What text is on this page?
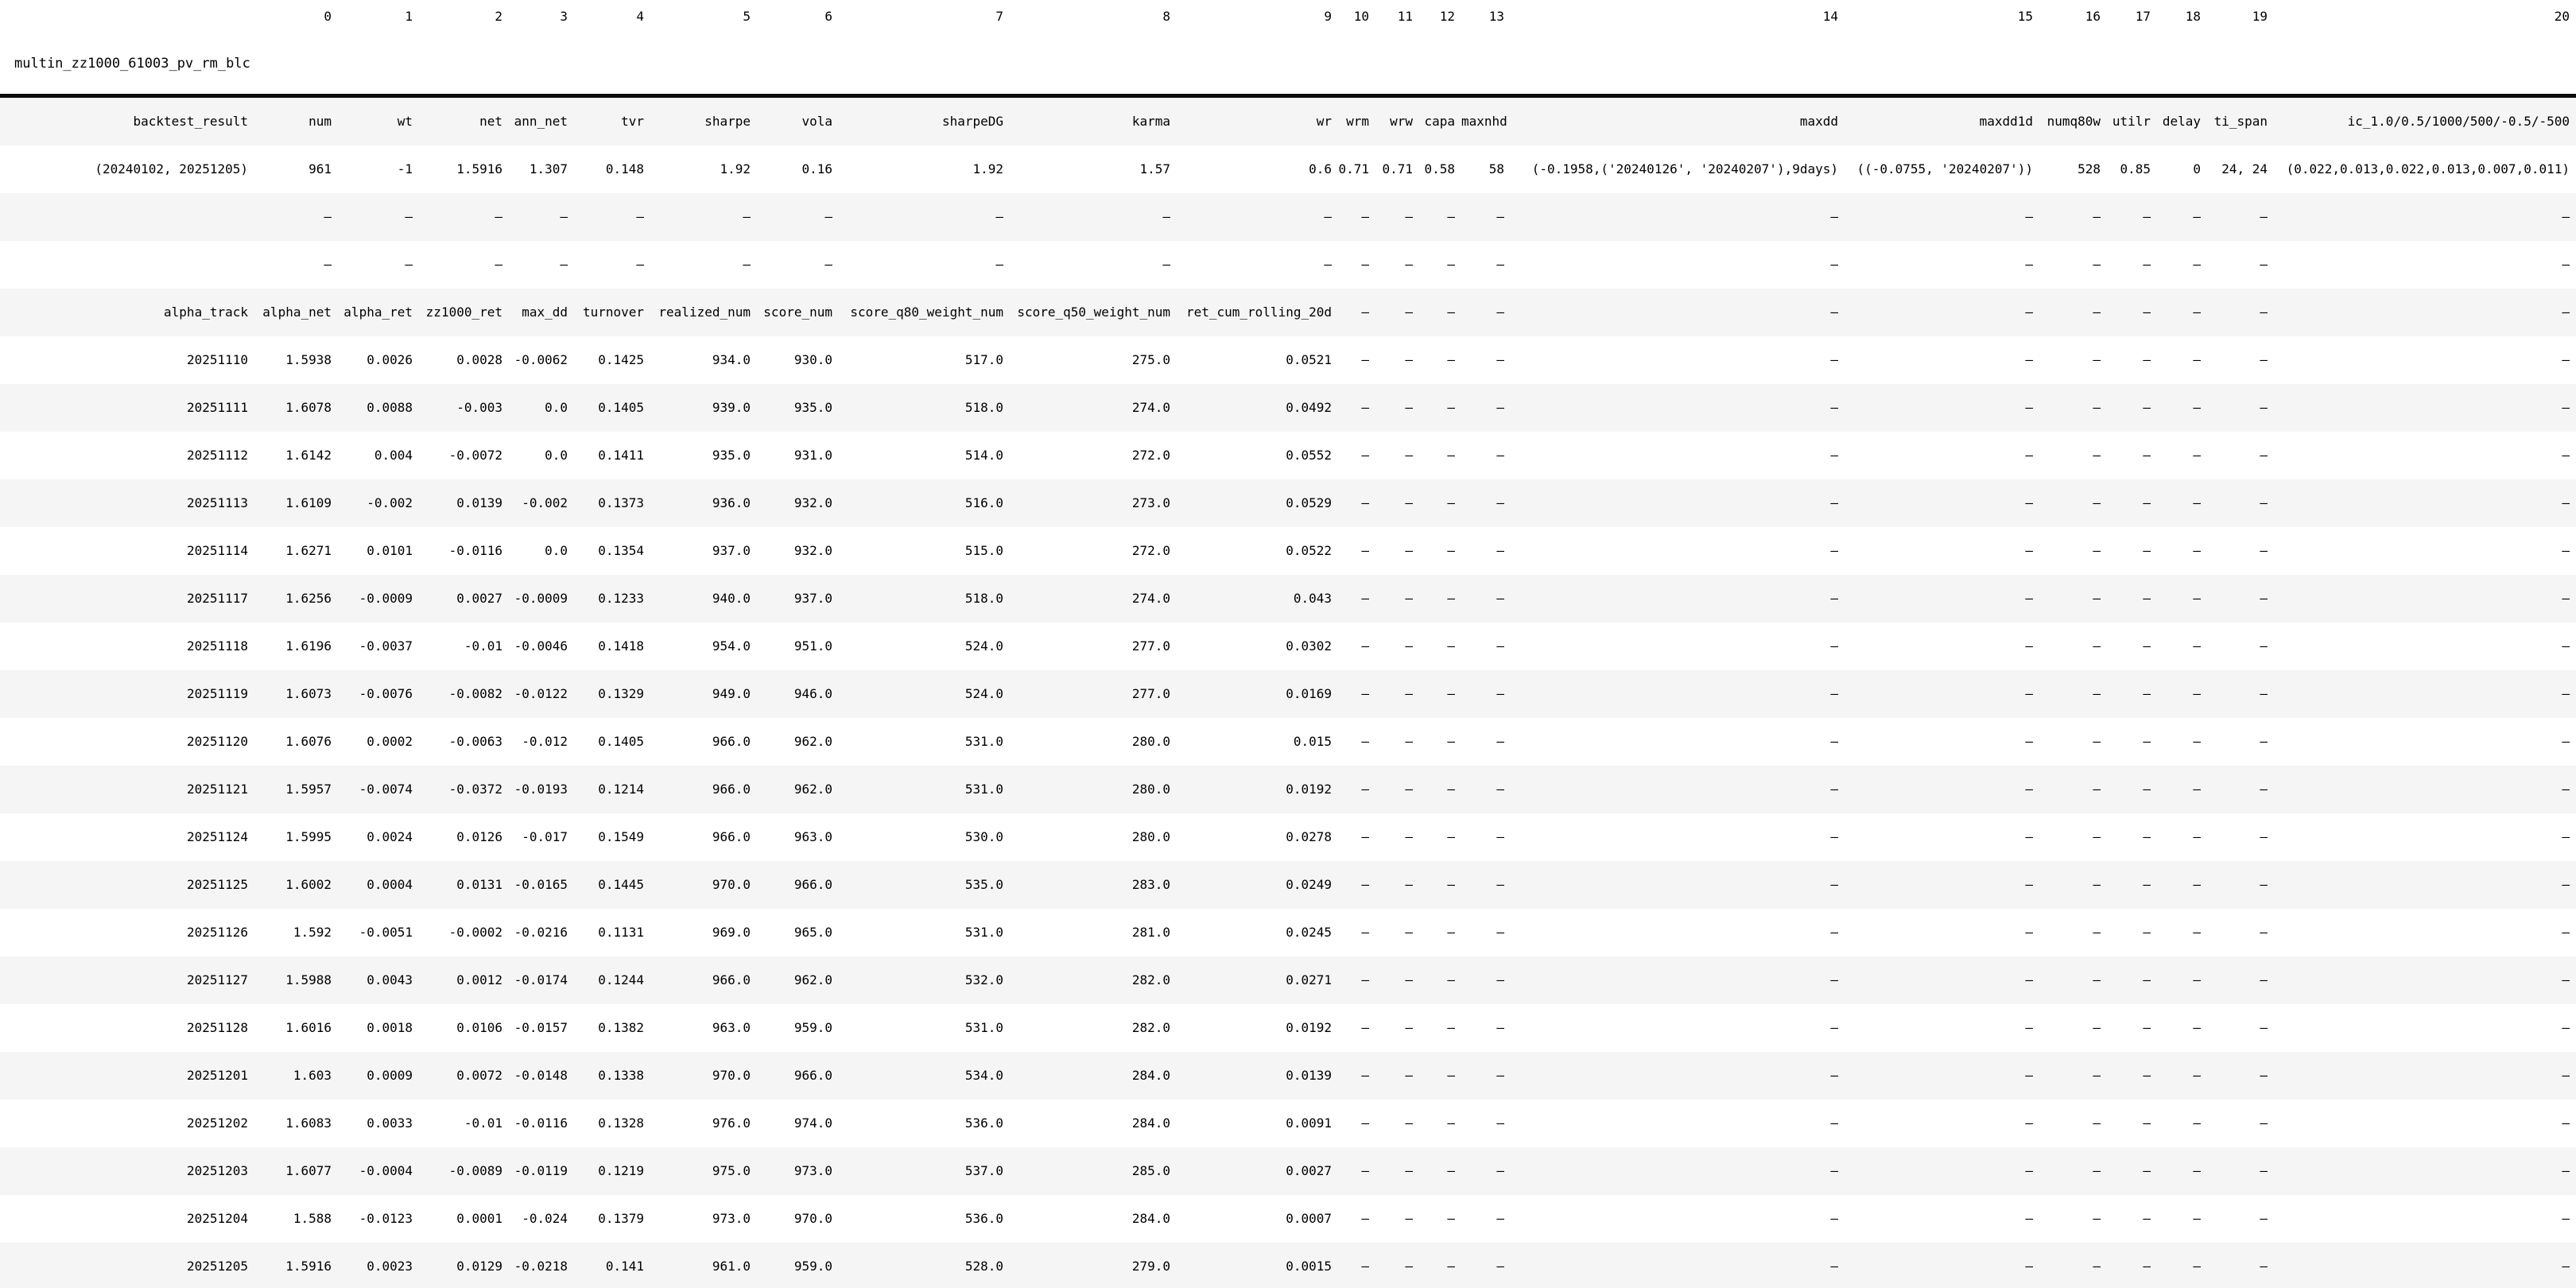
	0	1	2	3	4	5	6	7	8	9	10	11	12	13	14	15	16	17	18	19	20
multin_zz1000_61003_pv_rm_blc																					
backtest_result	num	wt	net	ann_net	tvr	sharpe	vola	sharpeDG	karma	wr	wrm	wrw	capa	maxnhd	maxdd	maxdd1d	numq80w	utilr	delay	ti_span	ic_1.0/0.5/1000/500/-0.5/-500
(20240102, 20251205)	961	-1	1.5916	1.307	0.148	1.92	0.16	1.92	1.57	0.6	0.71	0.71	0.58	58	(-0.1958,('20240126', '20240207'),9days)	((-0.0755, '20240207'))	528	0.85	0	24, 24	(0.022,0.013,0.022,0.013,0.007,0.011)
	—	—	—	—	—	—	—	—	—	—	—	—	—	—	—	—	—	—	—	—	—
	—	—	—	—	—	—	—	—	—	—	—	—	—	—	—	—	—	—	—	—	—
alpha_track	alpha_net	alpha_ret	zz1000_ret	max_dd	turnover	realized_num	score_num	score_q80_weight_num	score_q50_weight_num	ret_cum_rolling_20d	—	—	—	—	—	—	—	—	—	—	—
20251110	1.5938	0.0026	0.0028	-0.0062	0.1425	934.0	930.0	517.0	275.0	0.0521	—	—	—	—	—	—	—	—	—	—	—
20251111	1.6078	0.0088	-0.003	0.0	0.1405	939.0	935.0	518.0	274.0	0.0492	—	—	—	—	—	—	—	—	—	—	—
20251112	1.6142	0.004	-0.0072	0.0	0.1411	935.0	931.0	514.0	272.0	0.0552	—	—	—	—	—	—	—	—	—	—	—
20251113	1.6109	-0.002	0.0139	-0.002	0.1373	936.0	932.0	516.0	273.0	0.0529	—	—	—	—	—	—	—	—	—	—	—
20251114	1.6271	0.0101	-0.0116	0.0	0.1354	937.0	932.0	515.0	272.0	0.0522	—	—	—	—	—	—	—	—	—	—	—
20251117	1.6256	-0.0009	0.0027	-0.0009	0.1233	940.0	937.0	518.0	274.0	0.043	—	—	—	—	—	—	—	—	—	—	—
20251118	1.6196	-0.0037	-0.01	-0.0046	0.1418	954.0	951.0	524.0	277.0	0.0302	—	—	—	—	—	—	—	—	—	—	—
20251119	1.6073	-0.0076	-0.0082	-0.0122	0.1329	949.0	946.0	524.0	277.0	0.0169	—	—	—	—	—	—	—	—	—	—	—
20251120	1.6076	0.0002	-0.0063	-0.012	0.1405	966.0	962.0	531.0	280.0	0.015	—	—	—	—	—	—	—	—	—	—	—
20251121	1.5957	-0.0074	-0.0372	-0.0193	0.1214	966.0	962.0	531.0	280.0	0.0192	—	—	—	—	—	—	—	—	—	—	—
20251124	1.5995	0.0024	0.0126	-0.017	0.1549	966.0	963.0	530.0	280.0	0.0278	—	—	—	—	—	—	—	—	—	—	—
20251125	1.6002	0.0004	0.0131	-0.0165	0.1445	970.0	966.0	535.0	283.0	0.0249	—	—	—	—	—	—	—	—	—	—	—
20251126	1.592	-0.0051	-0.0002	-0.0216	0.1131	969.0	965.0	531.0	281.0	0.0245	—	—	—	—	—	—	—	—	—	—	—
20251127	1.5988	0.0043	0.0012	-0.0174	0.1244	966.0	962.0	532.0	282.0	0.0271	—	—	—	—	—	—	—	—	—	—	—
20251128	1.6016	0.0018	0.0106	-0.0157	0.1382	963.0	959.0	531.0	282.0	0.0192	—	—	—	—	—	—	—	—	—	—	—
20251201	1.603	0.0009	0.0072	-0.0148	0.1338	970.0	966.0	534.0	284.0	0.0139	—	—	—	—	—	—	—	—	—	—	—
20251202	1.6083	0.0033	-0.01	-0.0116	0.1328	976.0	974.0	536.0	284.0	0.0091	—	—	—	—	—	—	—	—	—	—	—
20251203	1.6077	-0.0004	-0.0089	-0.0119	0.1219	975.0	973.0	537.0	285.0	0.0027	—	—	—	—	—	—	—	—	—	—	—
20251204	1.588	-0.0123	0.0001	-0.024	0.1379	973.0	970.0	536.0	284.0	0.0007	—	—	—	—	—	—	—	—	—	—	—
20251205	1.5916	0.0023	0.0129	-0.0218	0.141	961.0	959.0	528.0	279.0	0.0015	—	—	—	—	—	—	—	—	—	—	—
